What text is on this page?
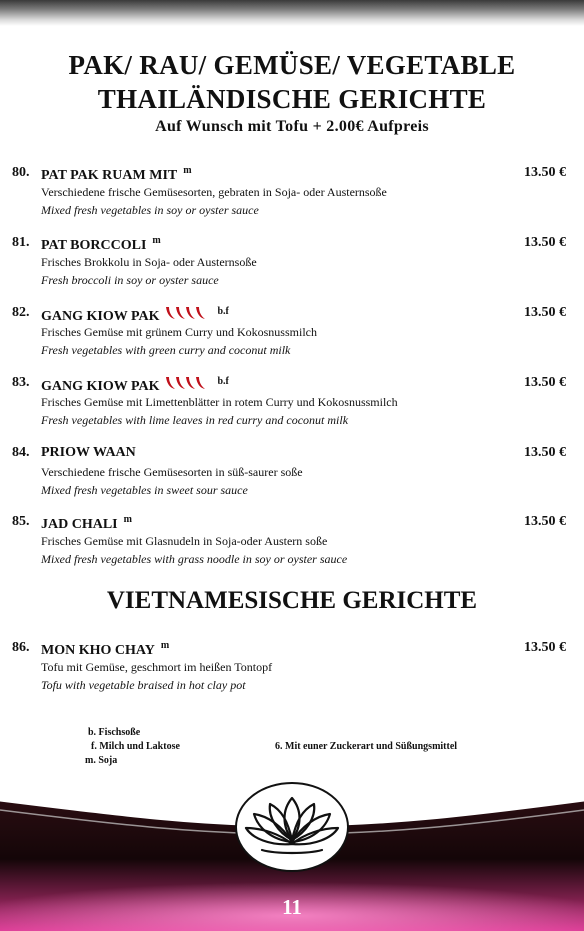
PAK/ RAU/ GEMÜSE/ VEGETABLE
THAILÄNDISCHE GERICHTE
Auf Wunsch mit Tofu + 2.00€ Aufpreis
80. PAT PAK RUAM MIT $^m$	13.50 €
Verschiedene frische Gemüsesorten, gebraten in Soja- oder Austernsoße
Mixed fresh vegetables in soy or oyster sauce
81. PAT BORCCOLI $^m$	13.50 €
Frisches Brokkolu in Soja- oder Austernsoße
Fresh broccoli in soy or oyster sauce
82. GANG KIOW PAK	$^{b.f}$	13.50 €
Frisches Gemüse mit grünem Curry und Kokosnussmilch
Fresh vegetables with green curry and coconut milk
83. GANG KIOW PAK	$^{b.f}$	13.50 €
Frisches Gemüse mit Limettenblätter in rotem Curry und Kokosnussmilch
Fresh vegetables with lime leaves in red curry and coconut milk
84. PRIOW WAAN	13.50 €
Verschiedene frische Gemüsesorten in süß-saurer soße
Mixed fresh vegetables in sweet sour sauce
85. JAD CHALI $^m$	13.50 €
Frisches Gemüse mit Glasnudeln in Soja-oder Austern soße
Mixed fresh vegetables with grass noodle in soy or oyster sauce
VIETNAMESISCHE GERICHTE
86. MON KHO CHAY $^m$	13.50 €
Tofu mit Gemüse, geschmort im heißen Tontopf
Tofu with vegetable braised in hot clay pot
b. Fischsoße
f. Milch und Laktose
m. Soja
6. Mit euner Zuckerart und Süßungsmittel
11
